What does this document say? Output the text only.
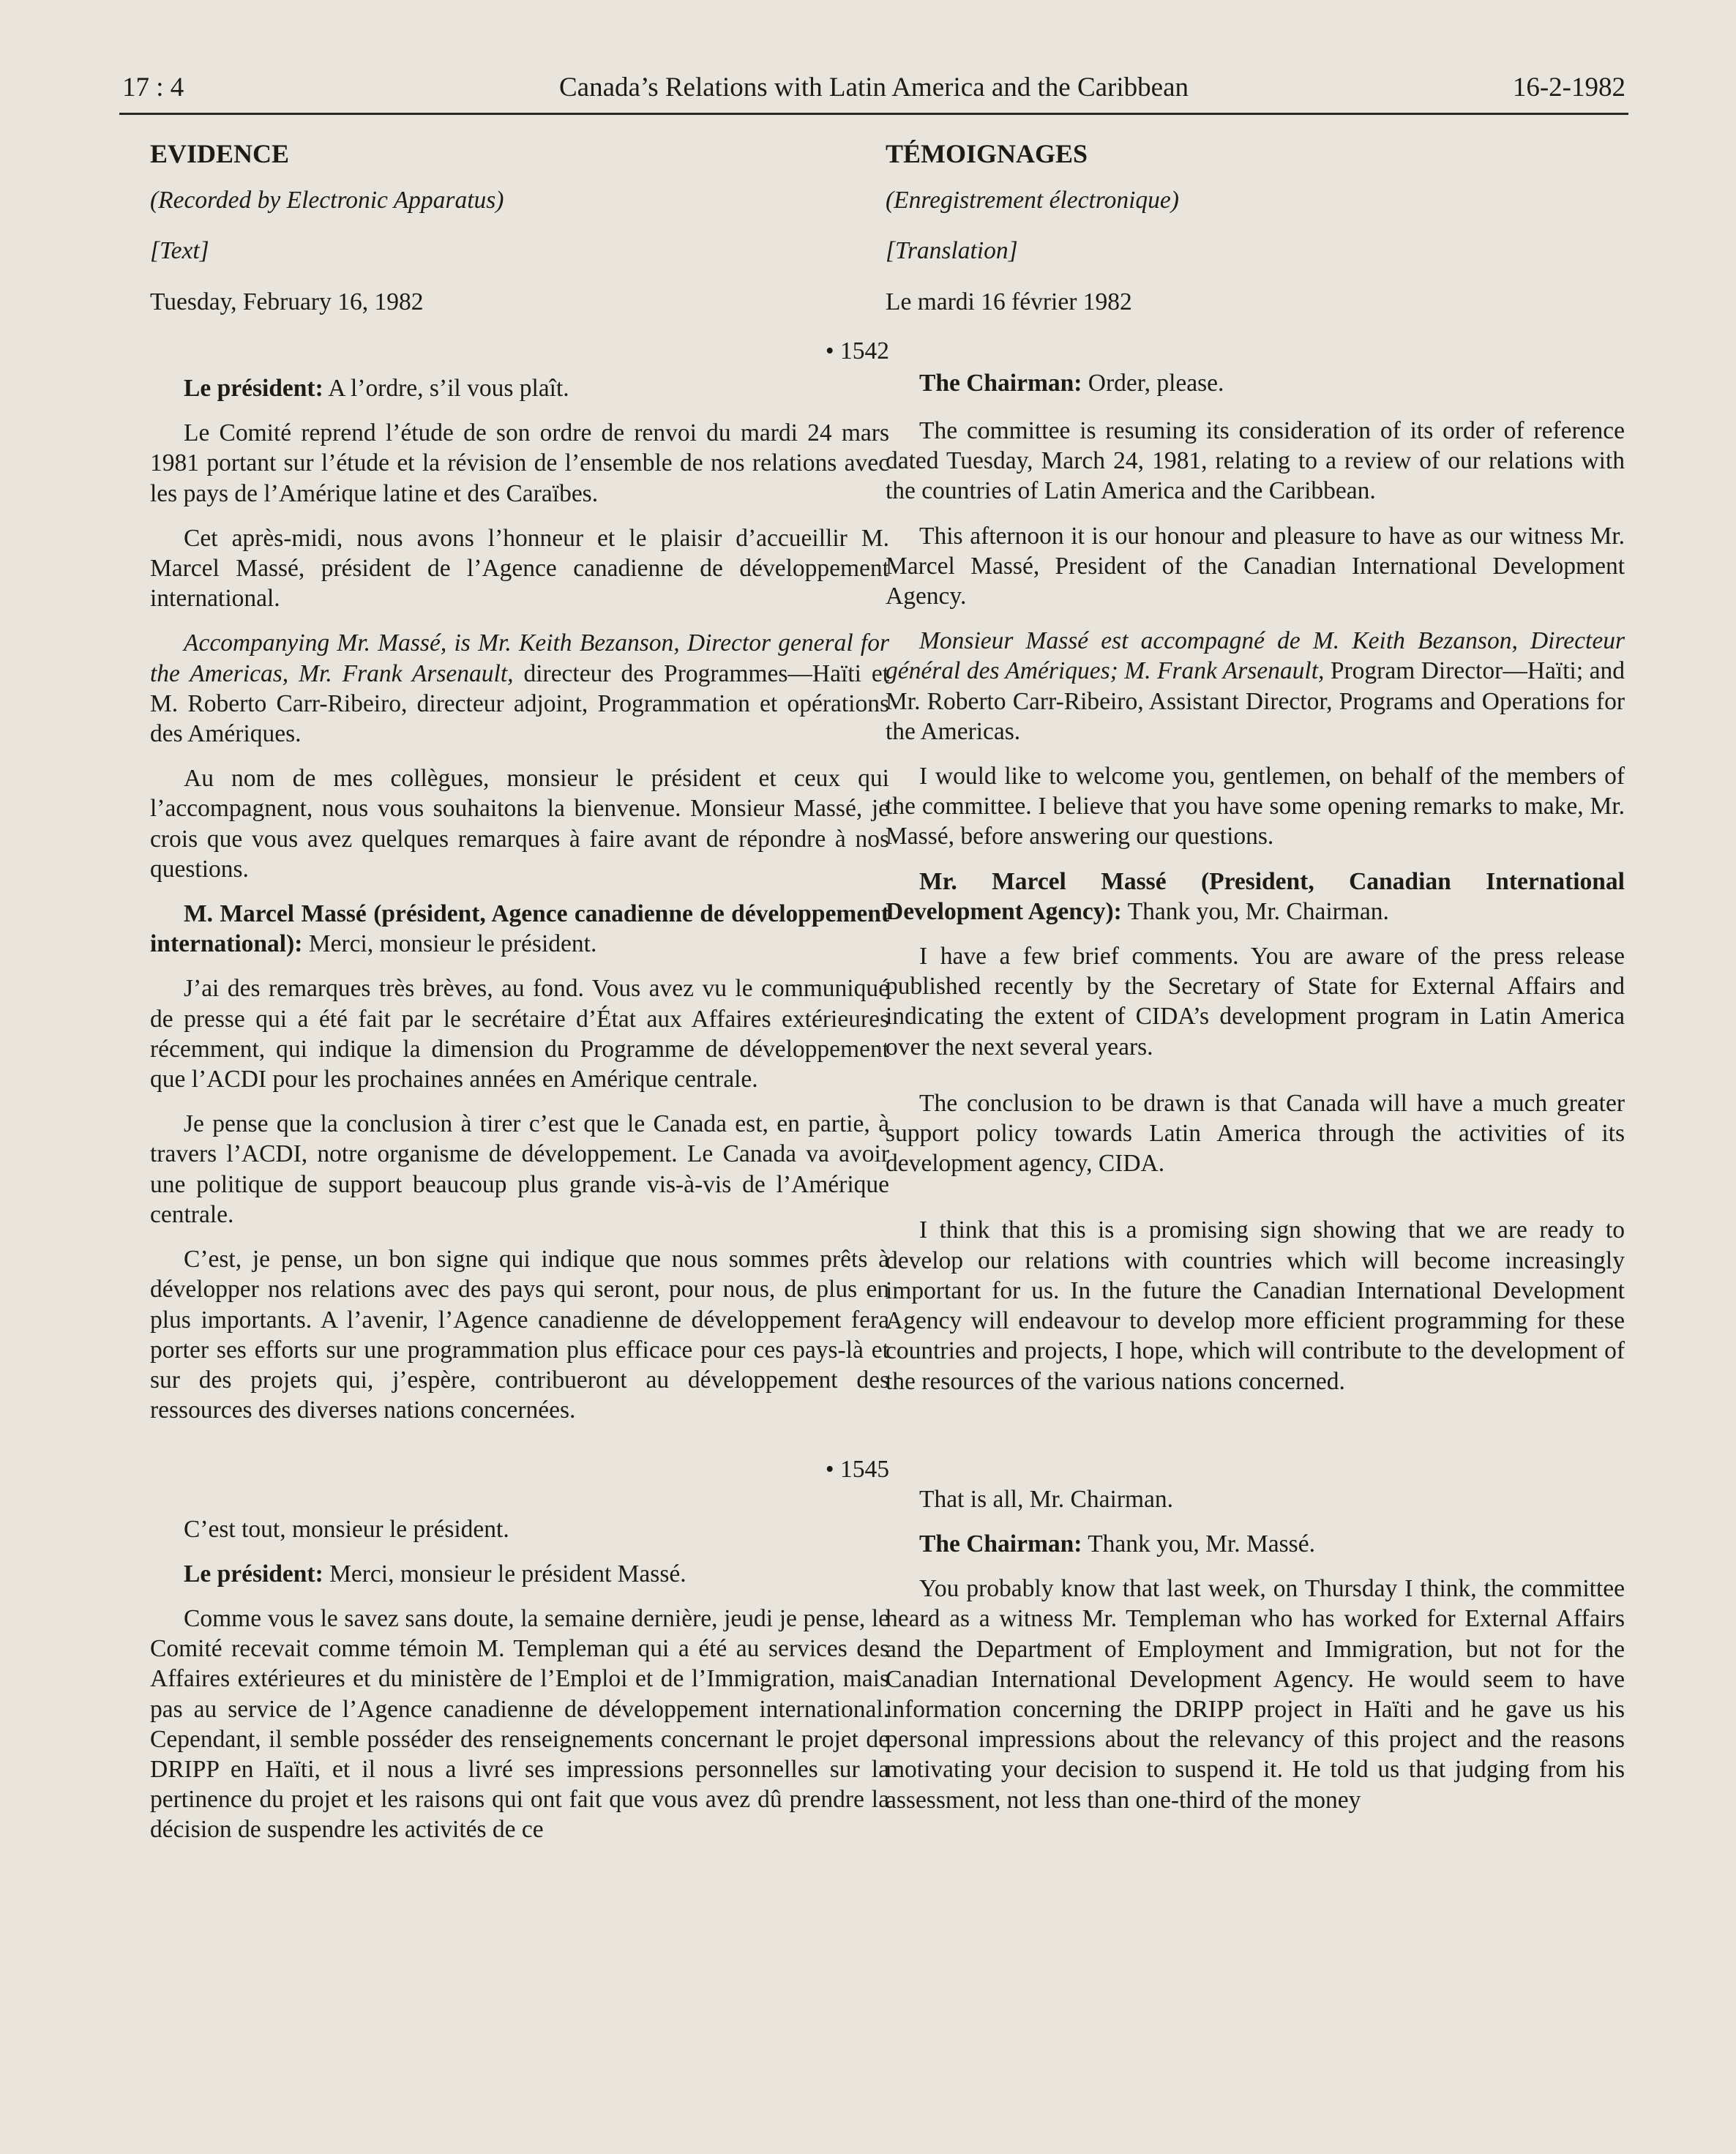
17 : 4	Canada’s Relations with Latin America and the Caribbean	16-2-1982

EVIDENCE

(Recorded by Electronic Apparatus)

[Text]

Tuesday, February 16, 1982

• 1542

Le président: A l’ordre, s’il vous plaît.

Le Comité reprend l’étude de son ordre de renvoi du mardi 24 mars 1981 portant sur l’étude et la révision de l’ensemble de nos relations avec les pays de l’Amérique latine et des Caraïbes.

Cet après-midi, nous avons l’honneur et le plaisir d’accueillir M. Marcel Massé, président de l’Agence canadienne de développement international.

Accompanying Mr. Massé, is Mr. Keith Bezanson, Director general for the Americas, Mr. Frank Arsenault, directeur des Programmes—Haïti et M. Roberto Carr-Ribeiro, directeur adjoint, Programmation et opérations des Amériques.

Au nom de mes collègues, monsieur le président et ceux qui l’accompagnent, nous vous souhaitons la bienvenue. Monsieur Massé, je crois que vous avez quelques remarques à faire avant de répondre à nos questions.

M. Marcel Massé (président, Agence canadienne de développement international): Merci, monsieur le président.

J’ai des remarques très brèves, au fond. Vous avez vu le communiqué de presse qui a été fait par le secrétaire d’État aux Affaires extérieures récemment, qui indique la dimension du Programme de développement que l’ACDI pour les prochaines années en Amérique centrale.

Je pense que la conclusion à tirer c’est que le Canada est, en partie, à travers l’ACDI, notre organisme de développement. Le Canada va avoir une politique de support beaucoup plus grande vis-à-vis de l’Amérique centrale.

C’est, je pense, un bon signe qui indique que nous sommes prêts à développer nos relations avec des pays qui seront, pour nous, de plus en plus importants. A l’avenir, l’Agence canadienne de développement fera porter ses efforts sur une programmation plus efficace pour ces pays-là et sur des projets qui, j’espère, contribueront au développement des ressources des diverses nations concernées.

• 1545

C’est tout, monsieur le président.

Le président: Merci, monsieur le président Massé.

Comme vous le savez sans doute, la semaine dernière, jeudi je pense, le Comité recevait comme témoin M. Templeman qui a été au services des Affaires extérieures et du ministère de l’Emploi et de l’Immigration, mais pas au service de l’Agence canadienne de développement international. Cependant, il semble posséder des renseignements concernant le projet de DRIPP en Haïti, et il nous a livré ses impressions personnelles sur la pertinence du projet et les raisons qui ont fait que vous avez dû prendre la décision de suspendre les activités de ce

TÉMOIGNAGES

(Enregistrement électronique)

[Translation]

Le mardi 16 février 1982

The Chairman: Order, please.

The committee is resuming its consideration of its order of reference dated Tuesday, March 24, 1981, relating to a review of our relations with the countries of Latin America and the Caribbean.

This afternoon it is our honour and pleasure to have as our witness Mr. Marcel Massé, President of the Canadian International Development Agency.

Monsieur Massé est accompagné de M. Keith Bezanson, Directeur général des Amériques; M. Frank Arsenault, Program Director—Haïti; and Mr. Roberto Carr-Ribeiro, Assistant Director, Programs and Operations for the Americas.

I would like to welcome you, gentlemen, on behalf of the members of the committee. I believe that you have some opening remarks to make, Mr. Massé, before answering our questions.

Mr. Marcel Massé (President, Canadian International Development Agency): Thank you, Mr. Chairman.

I have a few brief comments. You are aware of the press release published recently by the Secretary of State for External Affairs and indicating the extent of CIDA’s development program in Latin America over the next several years.

The conclusion to be drawn is that Canada will have a much greater support policy towards Latin America through the activities of its development agency, CIDA.

I think that this is a promising sign showing that we are ready to develop our relations with countries which will become increasingly important for us. In the future the Canadian International Development Agency will endeavour to develop more efficient programming for these countries and projects, I hope, which will contribute to the development of the resources of the various nations concerned.

That is all, Mr. Chairman.

The Chairman: Thank you, Mr. Massé.

You probably know that last week, on Thursday I think, the committee heard as a witness Mr. Templeman who has worked for External Affairs and the Department of Employment and Immigration, but not for the Canadian International Development Agency. He would seem to have information concerning the DRIPP project in Haïti and he gave us his personal impressions about the relevancy of this project and the reasons motivating your decision to suspend it. He told us that judging from his assessment, not less than one-third of the money
